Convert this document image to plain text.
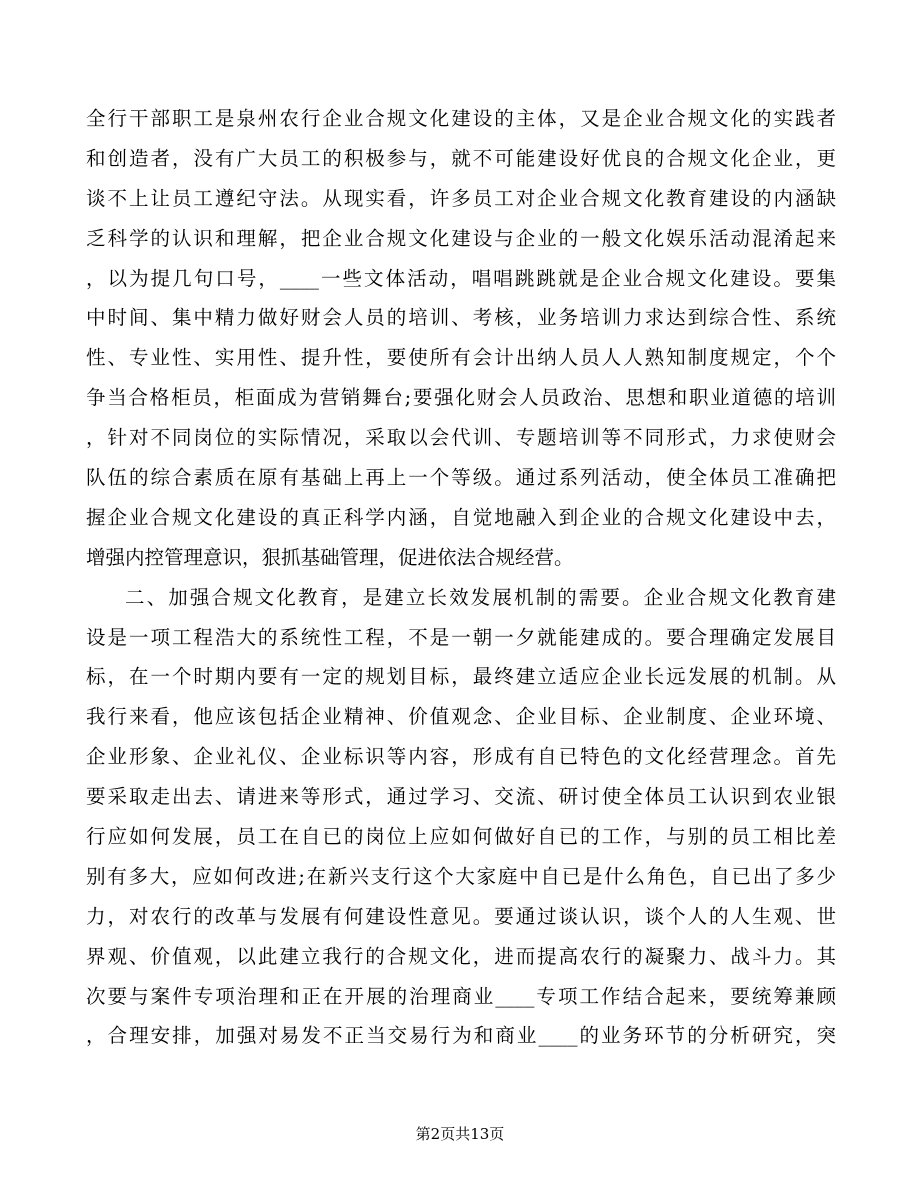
全行干部职工是泉州农行企业合规文化建设的主体，又是企业合规文化的实践者
和创造者，没有广大员工的积极参与，就不可能建设好优良的合规文化企业，更
谈不上让员工遵纪守法。从现实看，许多员工对企业合规文化教育建设的内涵缺
乏科学的认识和理解，把企业合规文化建设与企业的一般文化娱乐活动混淆起来
，以为提几句口号，____一些文体活动，唱唱跳跳就是企业合规文化建设。要集
中时间、集中精力做好财会人员的培训、考核，业务培训力求达到综合性、系统
性、专业性、实用性、提升性，要使所有会计出纳人员人人熟知制度规定，个个
争当合格柜员，柜面成为营销舞台;要强化财会人员政治、思想和职业道德的培训
，针对不同岗位的实际情况，采取以会代训、专题培训等不同形式，力求使财会
队伍的综合素质在原有基础上再上一个等级。通过系列活动，使全体员工准确把
握企业合规文化建设的真正科学内涵，自觉地融入到企业的合规文化建设中去，
增强内控管理意识，狠抓基础管理，促进依法合规经营。
二、加强合规文化教育，是建立长效发展机制的需要。企业合规文化教育建
设是一项工程浩大的系统性工程，不是一朝一夕就能建成的。要合理确定发展目
标，在一个时期内要有一定的规划目标，最终建立适应企业长远发展的机制。从
我行来看，他应该包括企业精神、价值观念、企业目标、企业制度、企业环境、
企业形象、企业礼仪、企业标识等内容，形成有自已特色的文化经营理念。首先
要采取走出去、请进来等形式，通过学习、交流、研讨使全体员工认识到农业银
行应如何发展，员工在自已的岗位上应如何做好自已的工作，与别的员工相比差
别有多大，应如何改进;在新兴支行这个大家庭中自已是什么角色，自已出了多少
力，对农行的改革与发展有何建设性意见。要通过谈认识，谈个人的人生观、世
界观、价值观，以此建立我行的合规文化，进而提高农行的凝聚力、战斗力。其
次要与案件专项治理和正在开展的治理商业____专项工作结合起来，要统筹兼顾
，合理安排，加强对易发不正当交易行为和商业____的业务环节的分析研究，突
第2页共13页
